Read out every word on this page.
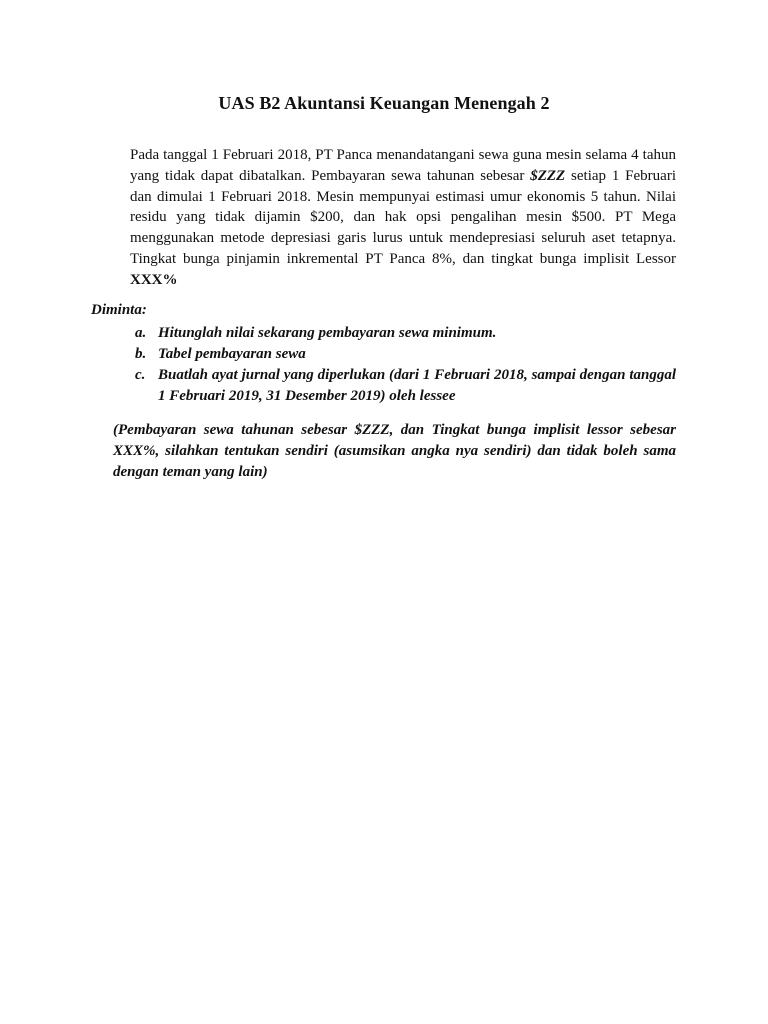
UAS B2 Akuntansi Keuangan Menengah 2

Pada tanggal 1 Februari 2018, PT Panca menandatangani sewa guna mesin selama 4 tahun yang tidak dapat dibatalkan. Pembayaran sewa tahunan sebesar $ZZZ setiap 1 Februari dan dimulai 1 Februari 2018. Mesin mempunyai estimasi umur ekonomis 5 tahun. Nilai residu yang tidak dijamin $200, dan hak opsi pengalihan mesin $500. PT Mega menggunakan metode depresiasi garis lurus untuk mendepresiasi seluruh aset tetapnya. Tingkat bunga pinjamin inkremental PT Panca 8%, dan tingkat bunga implisit Lessor XXX%

Diminta:
a. Hitunglah nilai sekarang pembayaran sewa minimum.
b. Tabel pembayaran sewa
c. Buatlah ayat jurnal yang diperlukan (dari 1 Februari 2018, sampai dengan tanggal 1 Februari 2019, 31 Desember 2019) oleh lessee

(Pembayaran sewa tahunan sebesar $ZZZ, dan Tingkat bunga implisit lessor sebesar XXX%, silahkan tentukan sendiri (asumsikan angka nya sendiri) dan tidak boleh sama dengan teman yang lain)
